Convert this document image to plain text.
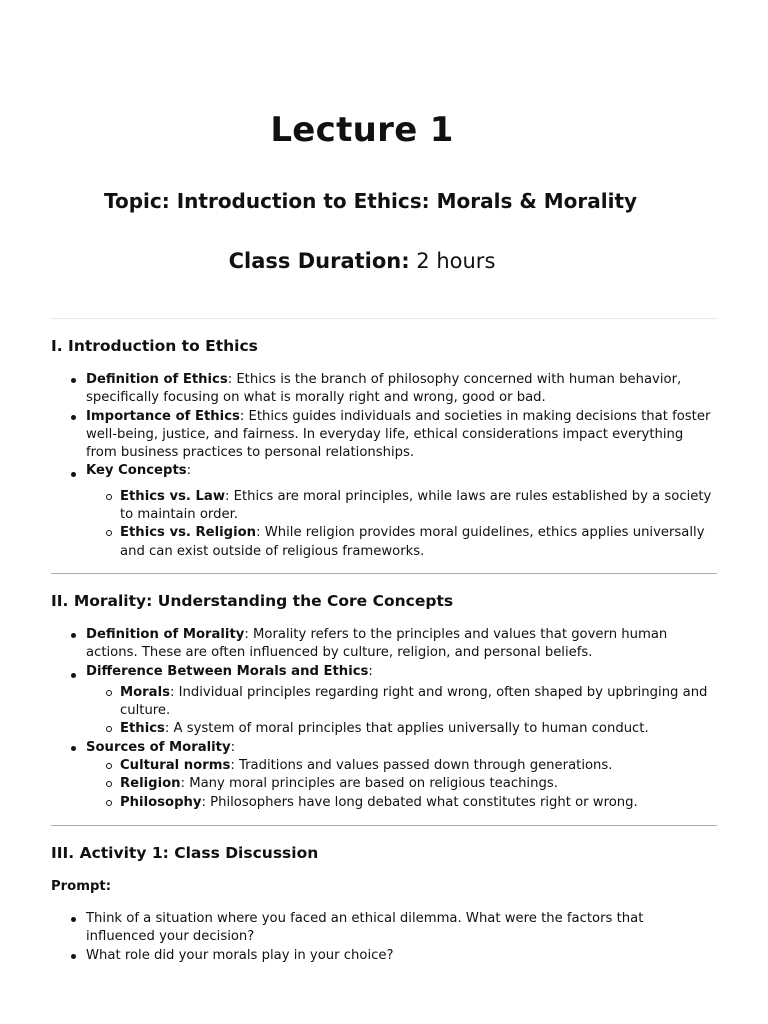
Lecture 1
Topic: Introduction to Ethics: Morals & Morality

Class Duration: 2 hours

I. Introduction to Ethics
Definition of Ethics: Ethics is the branch of philosophy concerned with human behavior, specifically focusing on what is morally right and wrong, good or bad.
Importance of Ethics: Ethics guides individuals and societies in making decisions that foster well-being, justice, and fairness. In everyday life, ethical considerations impact everything from business practices to personal relationships.
Key Concepts:
Ethics vs. Law: Ethics are moral principles, while laws are rules established by a society to maintain order.
Ethics vs. Religion: While religion provides moral guidelines, ethics applies universally and can exist outside of religious frameworks.
II. Morality: Understanding the Core Concepts
Definition of Morality: Morality refers to the principles and values that govern human actions. These are often influenced by culture, religion, and personal beliefs.
Difference Between Morals and Ethics:
Morals: Individual principles regarding right and wrong, often shaped by upbringing and culture.
Ethics: A system of moral principles that applies universally to human conduct.
Sources of Morality:
Cultural norms: Traditions and values passed down through generations.
Religion: Many moral principles are based on religious teachings.
Philosophy: Philosophers have long debated what constitutes right or wrong.
III. Activity 1: Class Discussion

Prompt:

Think of a situation where you faced an ethical dilemma. What were the factors that influenced your decision?
What role did your morals play in your choice?
